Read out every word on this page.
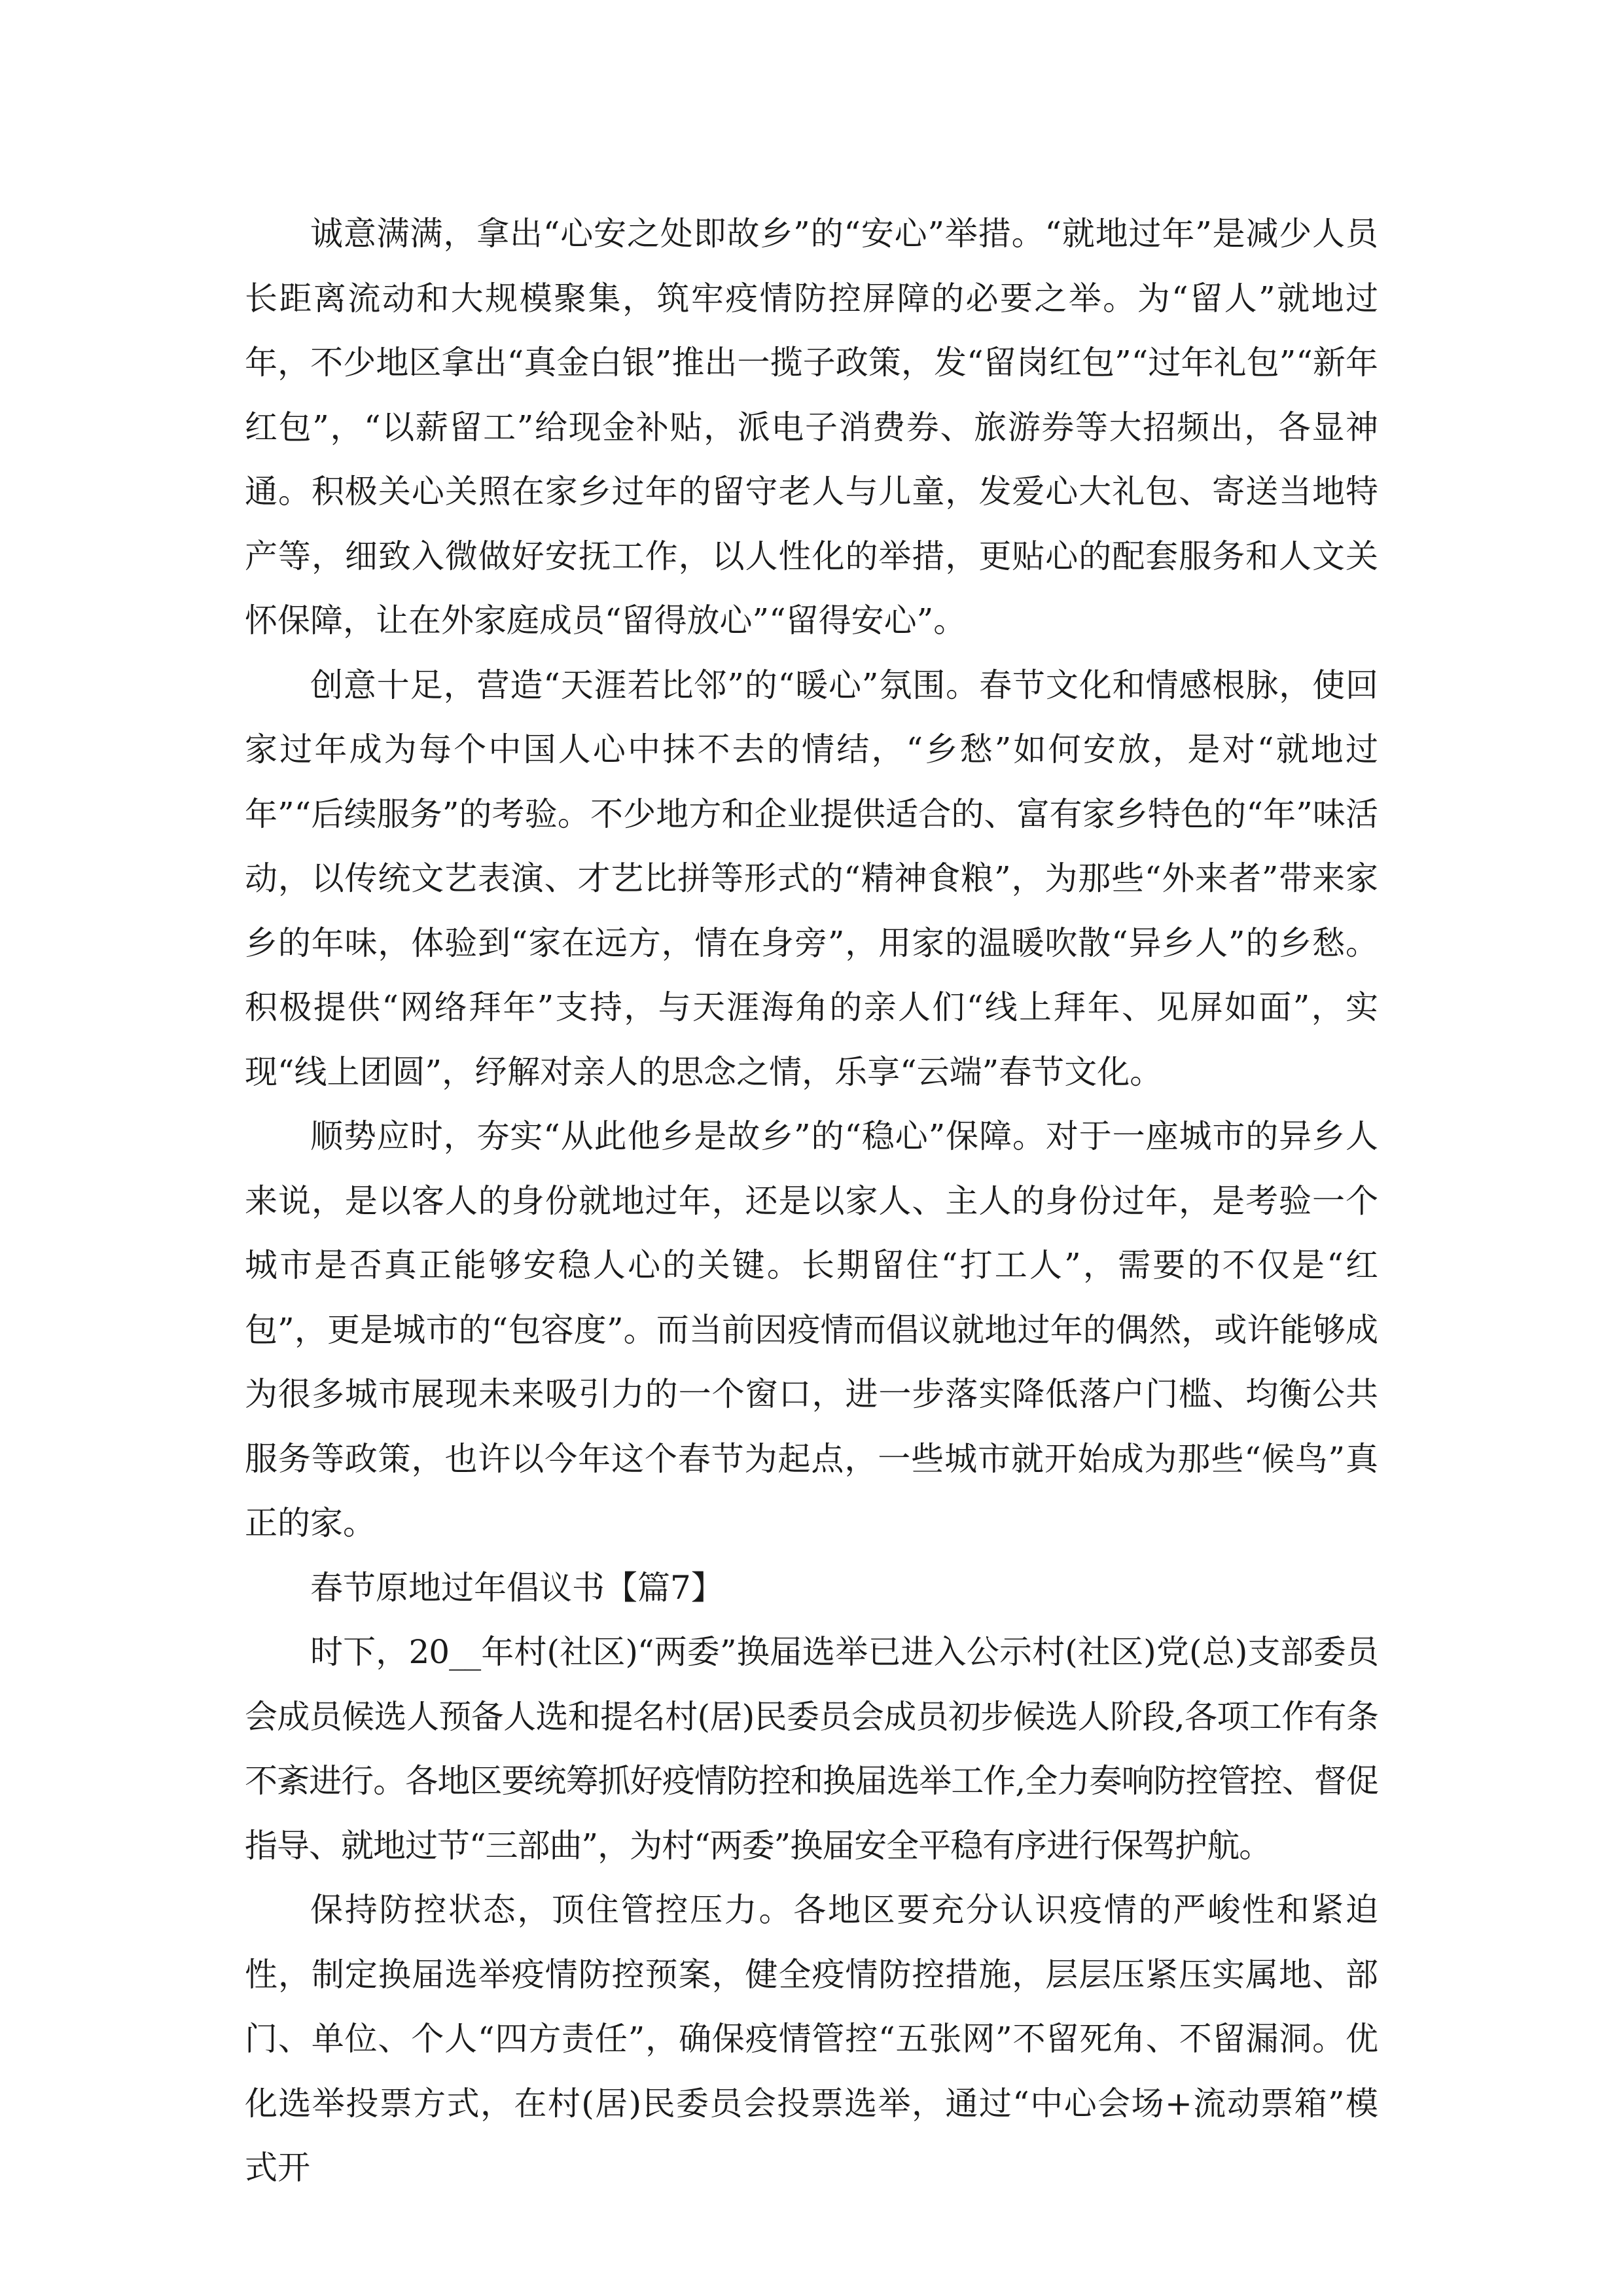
诚意满满，拿出“心安之处即故乡”的“安心”举措。“就地过年”是减少人员长距离流动和大规模聚集，筑牢疫情防控屏障的必要之举。为“留人”就地过年，不少地区拿出“真金白银”推出一揽子政策，发“留岗红包”“过年礼包”“新年红包”，“以薪留工”给现金补贴，派电子消费券、旅游券等大招频出，各显神通。积极关心关照在家乡过年的留守老人与儿童，发爱心大礼包、寄送当地特产等，细致入微做好安抚工作，以人性化的举措，更贴心的配套服务和人文关怀保障，让在外家庭成员“留得放心”“留得安心”。

创意十足，营造“天涯若比邻”的“暖心”氛围。春节文化和情感根脉，使回家过年成为每个中国人心中抹不去的情结，“乡愁”如何安放，是对“就地过年”“后续服务”的考验。不少地方和企业提供适合的、富有家乡特色的“年”味活动，以传统文艺表演、才艺比拼等形式的“精神食粮”，为那些“外来者”带来家乡的年味，体验到“家在远方，情在身旁”，用家的温暖吹散“异乡人”的乡愁。积极提供“网络拜年”支持，与天涯海角的亲人们“线上拜年、见屏如面”，实现“线上团圆”，纾解对亲人的思念之情，乐享“云端”春节文化。

顺势应时，夯实“从此他乡是故乡”的“稳心”保障。对于一座城市的异乡人来说，是以客人的身份就地过年，还是以家人、主人的身份过年，是考验一个城市是否真正能够安稳人心的关键。长期留住“打工人”，需要的不仅是“红包”，更是城市的“包容度”。而当前因疫情而倡议就地过年的偶然，或许能够成为很多城市展现未来吸引力的一个窗口，进一步落实降低落户门槛、均衡公共服务等政策，也许以今年这个春节为起点，一些城市就开始成为那些“候鸟”真正的家。

春节原地过年倡议书【篇7】

时下，20__年村(社区)“两委”换届选举已进入公示村(社区)党(总)支部委员会成员候选人预备人选和提名村(居)民委员会成员初步候选人阶段,各项工作有条不紊进行。各地区要统筹抓好疫情防控和换届选举工作,全力奏响防控管控、督促指导、就地过节“三部曲”，为村“两委”换届安全平稳有序进行保驾护航。

保持防控状态，顶住管控压力。各地区要充分认识疫情的严峻性和紧迫性，制定换届选举疫情防控预案，健全疫情防控措施，层层压紧压实属地、部门、单位、个人“四方责任”，确保疫情管控“五张网”不留死角、不留漏洞。优化选举投票方式，在村(居)民委员会投票选举，通过“中心会场+流动票箱”模式开
